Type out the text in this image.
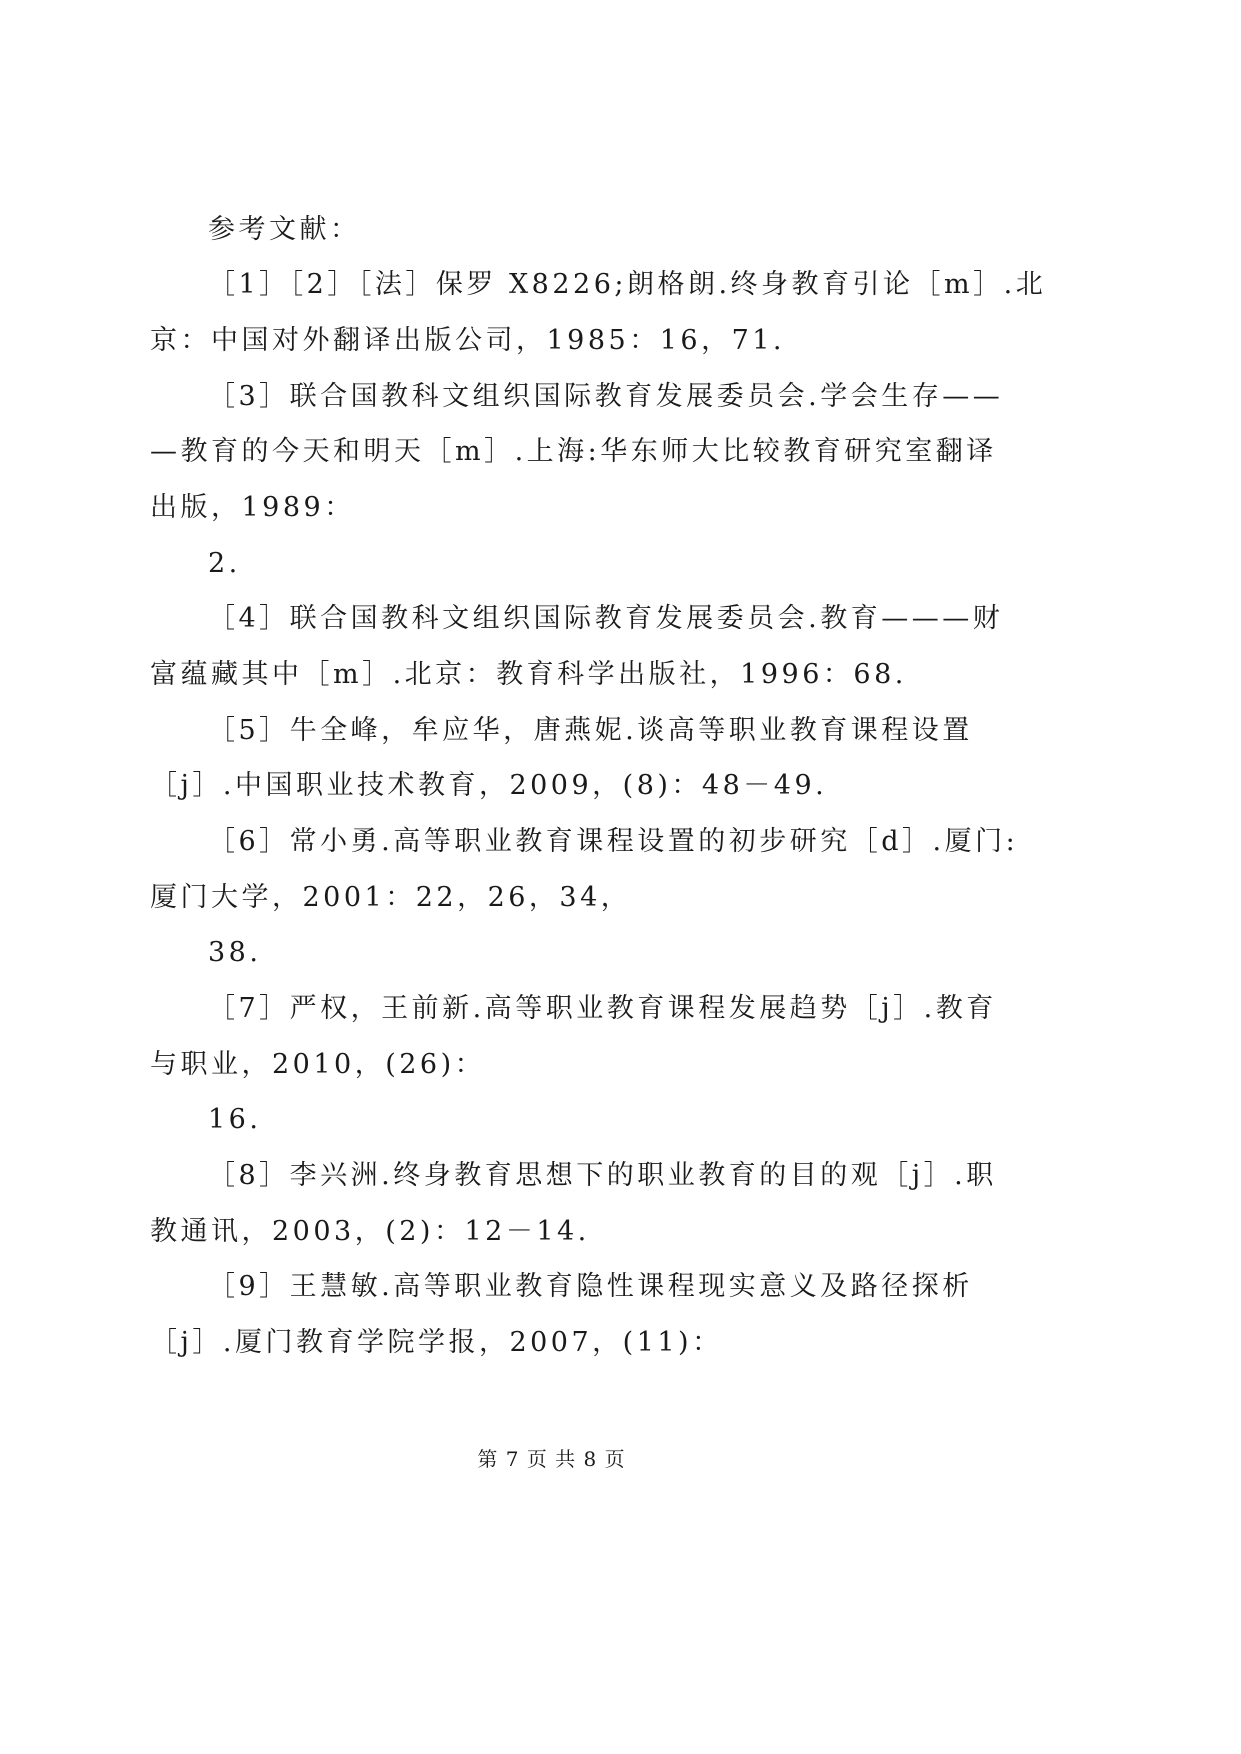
参考文献：
［1］［2］［法］保罗 X8226;朗格朗.终身教育引论［m］.北
京：中国对外翻译出版公司，1985：16，71.
［3］联合国教科文组织国际教育发展委员会.学会生存——
—教育的今天和明天［m］.上海:华东师大比较教育研究室翻译
出版，1989：
2.
［4］联合国教科文组织国际教育发展委员会.教育———财
富蕴藏其中［m］.北京：教育科学出版社，1996：68.
［5］牛全峰，牟应华，唐燕妮.谈高等职业教育课程设置
［j］.中国职业技术教育，2009，(8)：48－49.
［6］常小勇.高等职业教育课程设置的初步研究［d］.厦门:
厦门大学，2001：22，26，34，
38.
［7］严权，王前新.高等职业教育课程发展趋势［j］.教育
与职业，2010，(26)：
16.
［8］李兴洲.终身教育思想下的职业教育的目的观［j］.职
教通讯，2003，(2)：12－14.
［9］王慧敏.高等职业教育隐性课程现实意义及路径探析
［j］.厦门教育学院学报，2007，(11)：
第 7 页 共 8 页
